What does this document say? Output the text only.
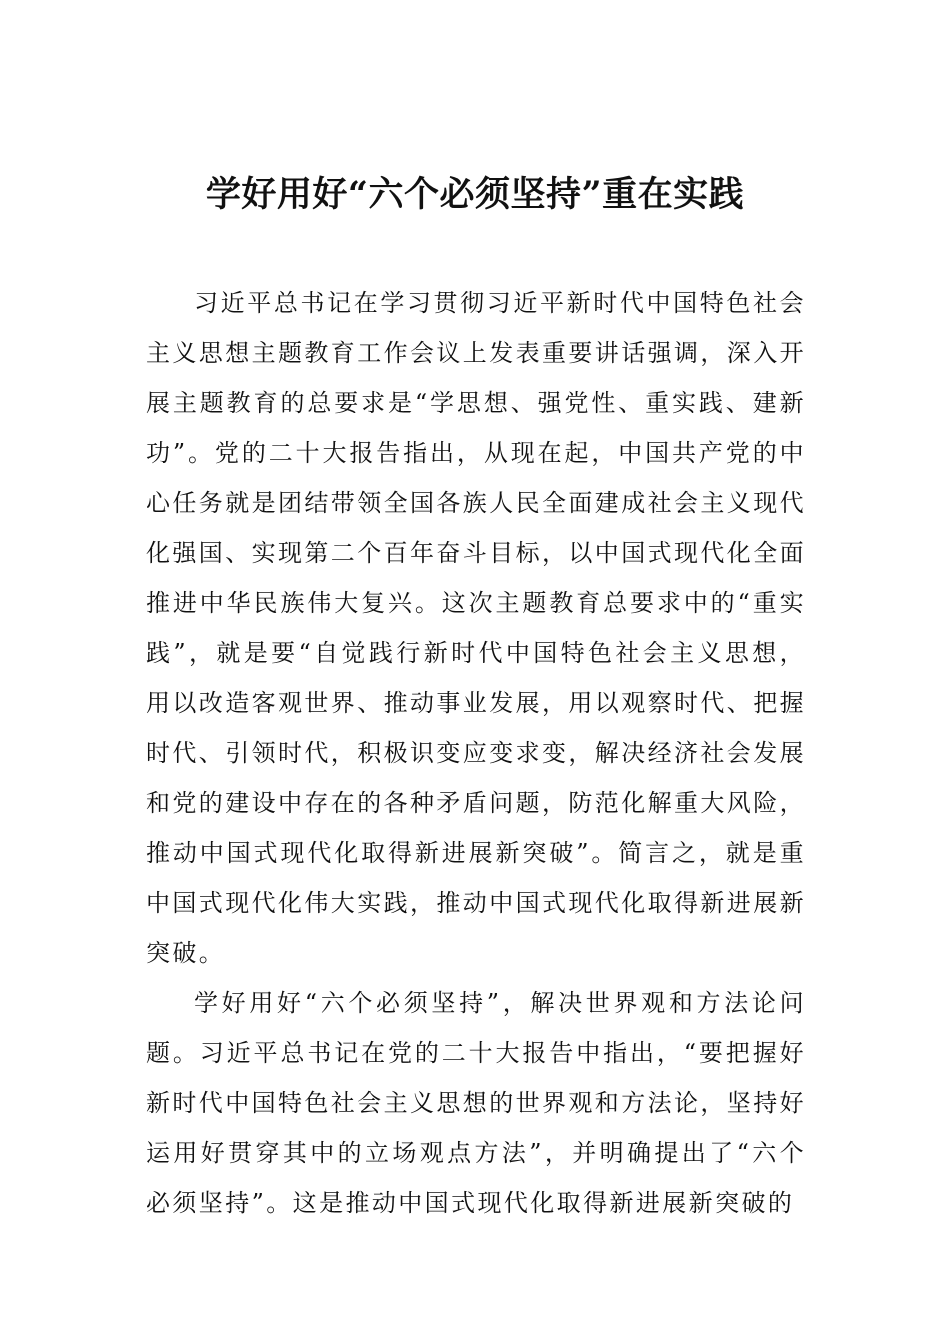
学好用好“六个必须坚持”重在实践

习近平总书记在学习贯彻习近平新时代中国特色社会主义思想主题教育工作会议上发表重要讲话强调，深入开展主题教育的总要求是“学思想、强党性、重实践、建新功”。党的二十大报告指出，从现在起，中国共产党的中心任务就是团结带领全国各族人民全面建成社会主义现代化强国、实现第二个百年奋斗目标，以中国式现代化全面推进中华民族伟大复兴。这次主题教育总要求中的“重实践”，就是要“自觉践行新时代中国特色社会主义思想，用以改造客观世界、推动事业发展，用以观察时代、把握时代、引领时代，积极识变应变求变，解决经济社会发展和党的建设中存在的各种矛盾问题，防范化解重大风险，推动中国式现代化取得新进展新突破”。简言之，就是重中国式现代化伟大实践，推动中国式现代化取得新进展新突破。

学好用好“六个必须坚持”，解决世界观和方法论问题。习近平总书记在党的二十大报告中指出，“要把握好新时代中国特色社会主义思想的世界观和方法论，坚持好运用好贯穿其中的立场观点方法”，并明确提出了“六个必须坚持”。这是推动中国式现代化取得新进展新突破的
